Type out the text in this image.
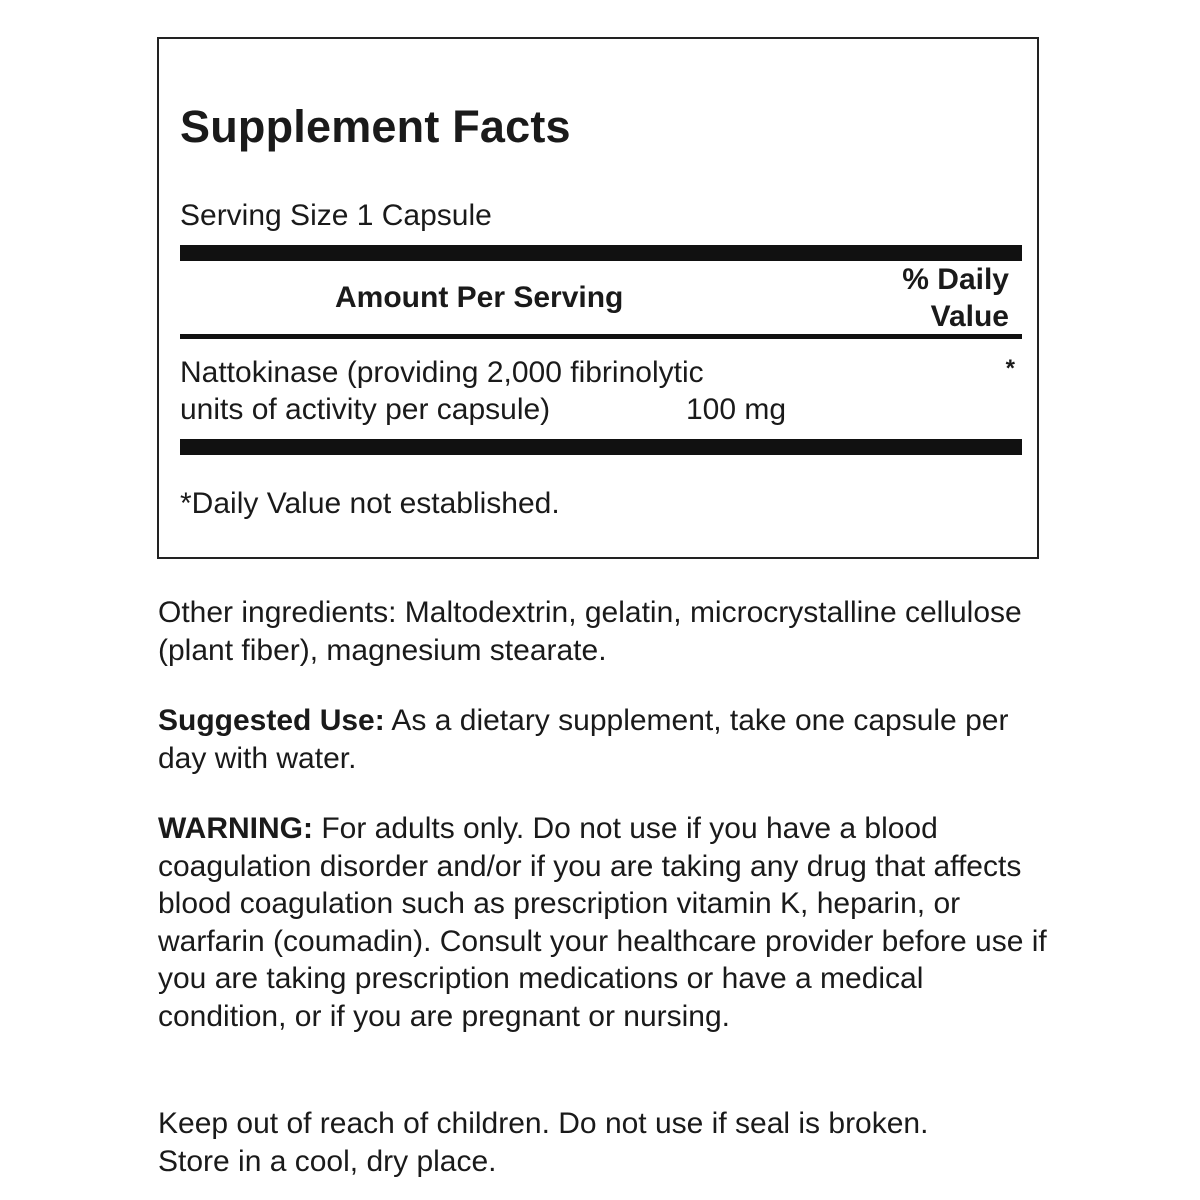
Supplement Facts
Serving Size 1 Capsule
Amount Per Serving
% Daily
Value
Nattokinase (providing 2,000 fibrinolytic
units of activity per capsule)	100 mg
*
*Daily Value not established.
Other ingredients: Maltodextrin, gelatin, microcrystalline cellulose (plant fiber), magnesium stearate.
Suggested Use: As a dietary supplement, take one capsule per day with water.
WARNING: For adults only. Do not use if you have a blood coagulation disorder and/or if you are taking any drug that affects blood coagulation such as prescription vitamin K, heparin, or warfarin (coumadin). Consult your healthcare provider before use if you are taking prescription medications or have a medical condition, or if you are pregnant or nursing.
Keep out of reach of children. Do not use if seal is broken.
Store in a cool, dry place.
